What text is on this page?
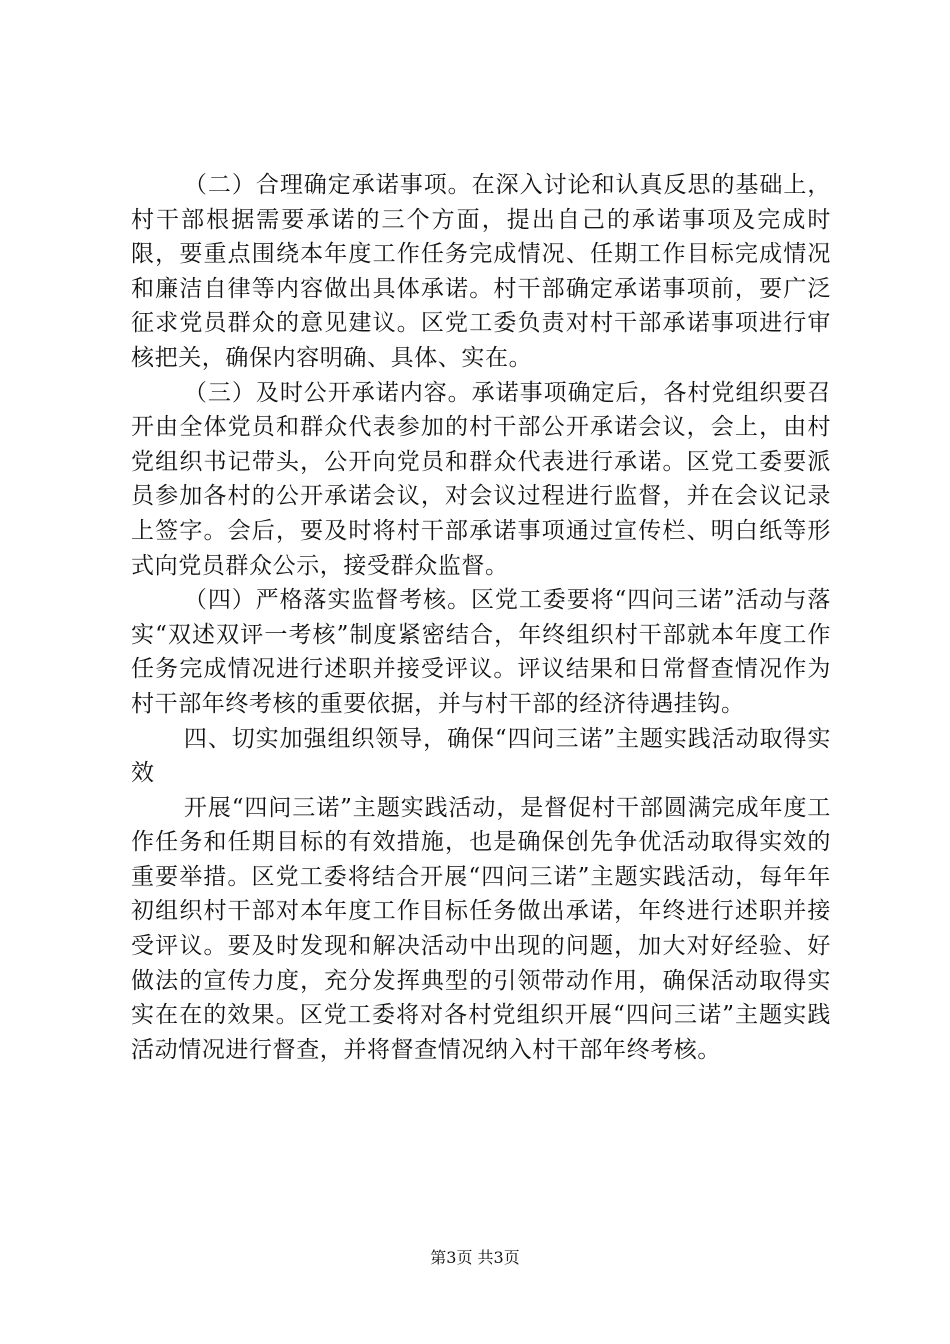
（二）合理确定承诺事项。在深入讨论和认真反思的基础上，村干部根据需要承诺的三个方面，提出自己的承诺事项及完成时限，要重点围绕本年度工作任务完成情况、任期工作目标完成情况和廉洁自律等内容做出具体承诺。村干部确定承诺事项前，要广泛征求党员群众的意见建议。区党工委负责对村干部承诺事项进行审核把关，确保内容明确、具体、实在。

（三）及时公开承诺内容。承诺事项确定后，各村党组织要召开由全体党员和群众代表参加的村干部公开承诺会议，会上，由村党组织书记带头，公开向党员和群众代表进行承诺。区党工委要派员参加各村的公开承诺会议，对会议过程进行监督，并在会议记录上签字。会后，要及时将村干部承诺事项通过宣传栏、明白纸等形式向党员群众公示，接受群众监督。

（四）严格落实监督考核。区党工委要将“四问三诺”活动与落实“双述双评一考核”制度紧密结合，年终组织村干部就本年度工作任务完成情况进行述职并接受评议。评议结果和日常督查情况作为村干部年终考核的重要依据，并与村干部的经济待遇挂钩。

四、切实加强组织领导，确保“四问三诺”主题实践活动取得实效

开展“四问三诺”主题实践活动，是督促村干部圆满完成年度工作任务和任期目标的有效措施，也是确保创先争优活动取得实效的重要举措。区党工委将结合开展“四问三诺”主题实践活动，每年年初组织村干部对本年度工作目标任务做出承诺，年终进行述职并接受评议。要及时发现和解决活动中出现的问题，加大对好经验、好做法的宣传力度，充分发挥典型的引领带动作用，确保活动取得实实在在的效果。区党工委将对各村党组织开展“四问三诺”主题实践活动情况进行督查，并将督查情况纳入村干部年终考核。

第3页 共3页
